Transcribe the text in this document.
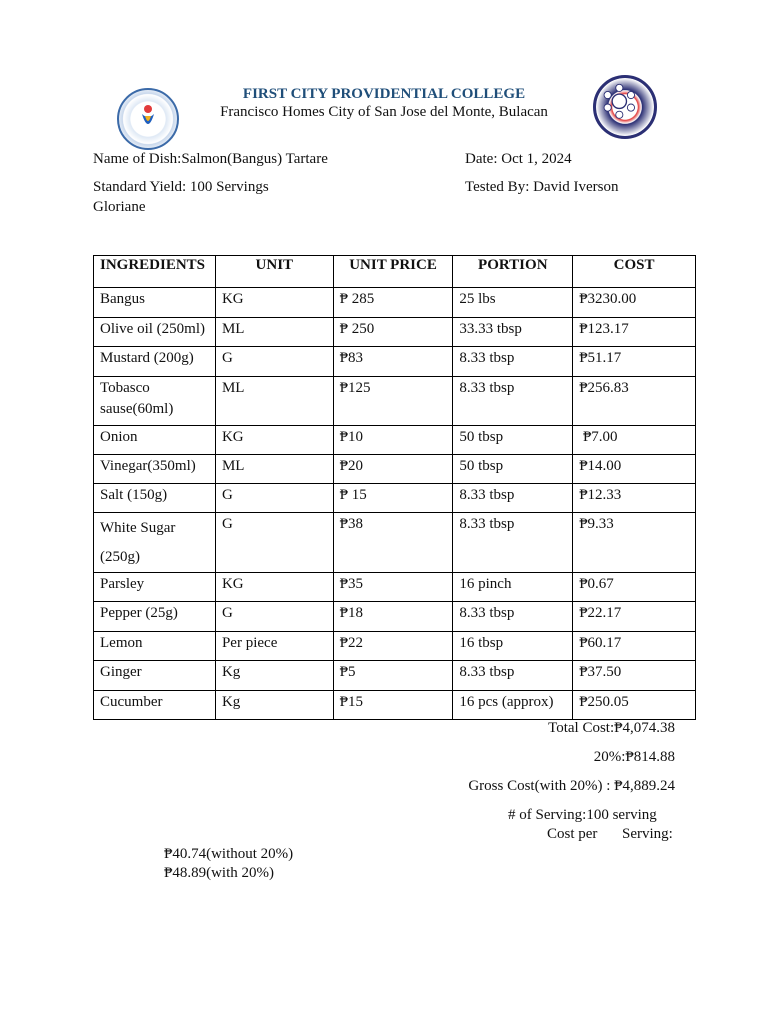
FIRST CITY PROVIDENTIAL COLLEGE
Francisco Homes City of San Jose del Monte, Bulacan
Name of Dish:Salmon(Bangus) Tartare	Date: Oct 1, 2024
Standard Yield: 100 Servings	Tested By: David Iverson
Gloriane
INGREDIENTS	UNIT	UNIT PRICE	PORTION	COST
Bangus	KG	₱ 285	25 lbs	₱3230.00
Olive oil (250ml)	ML	₱ 250	33.33 tbsp	₱123.17
Mustard (200g)	G	₱83	8.33 tbsp	₱51.17
Tobasco sause(60ml)	ML	₱125	8.33 tbsp	₱256.83
Onion	KG	₱10	50 tbsp	₱7.00
Vinegar(350ml)	ML	₱20	50 tbsp	₱14.00
Salt (150g)	G	₱ 15	8.33 tbsp	₱12.33
White Sugar (250g)	G	₱38	8.33 tbsp	₱9.33
Parsley	KG	₱35	16 pinch	₱0.67
Pepper (25g)	G	₱18	8.33 tbsp	₱22.17
Lemon	Per piece	₱22	16 tbsp	₱60.17
Ginger	Kg	₱5	8.33 tbsp	₱37.50
Cucumber	Kg	₱15	16 pcs (approx)	₱250.05
Total Cost:₱4,074.38
20%:₱814.88
Gross Cost(with 20%) : ₱4,889.24
# of Serving:100 serving
Cost per Serving:
₱40.74(without 20%)
₱48.89(with 20%)
